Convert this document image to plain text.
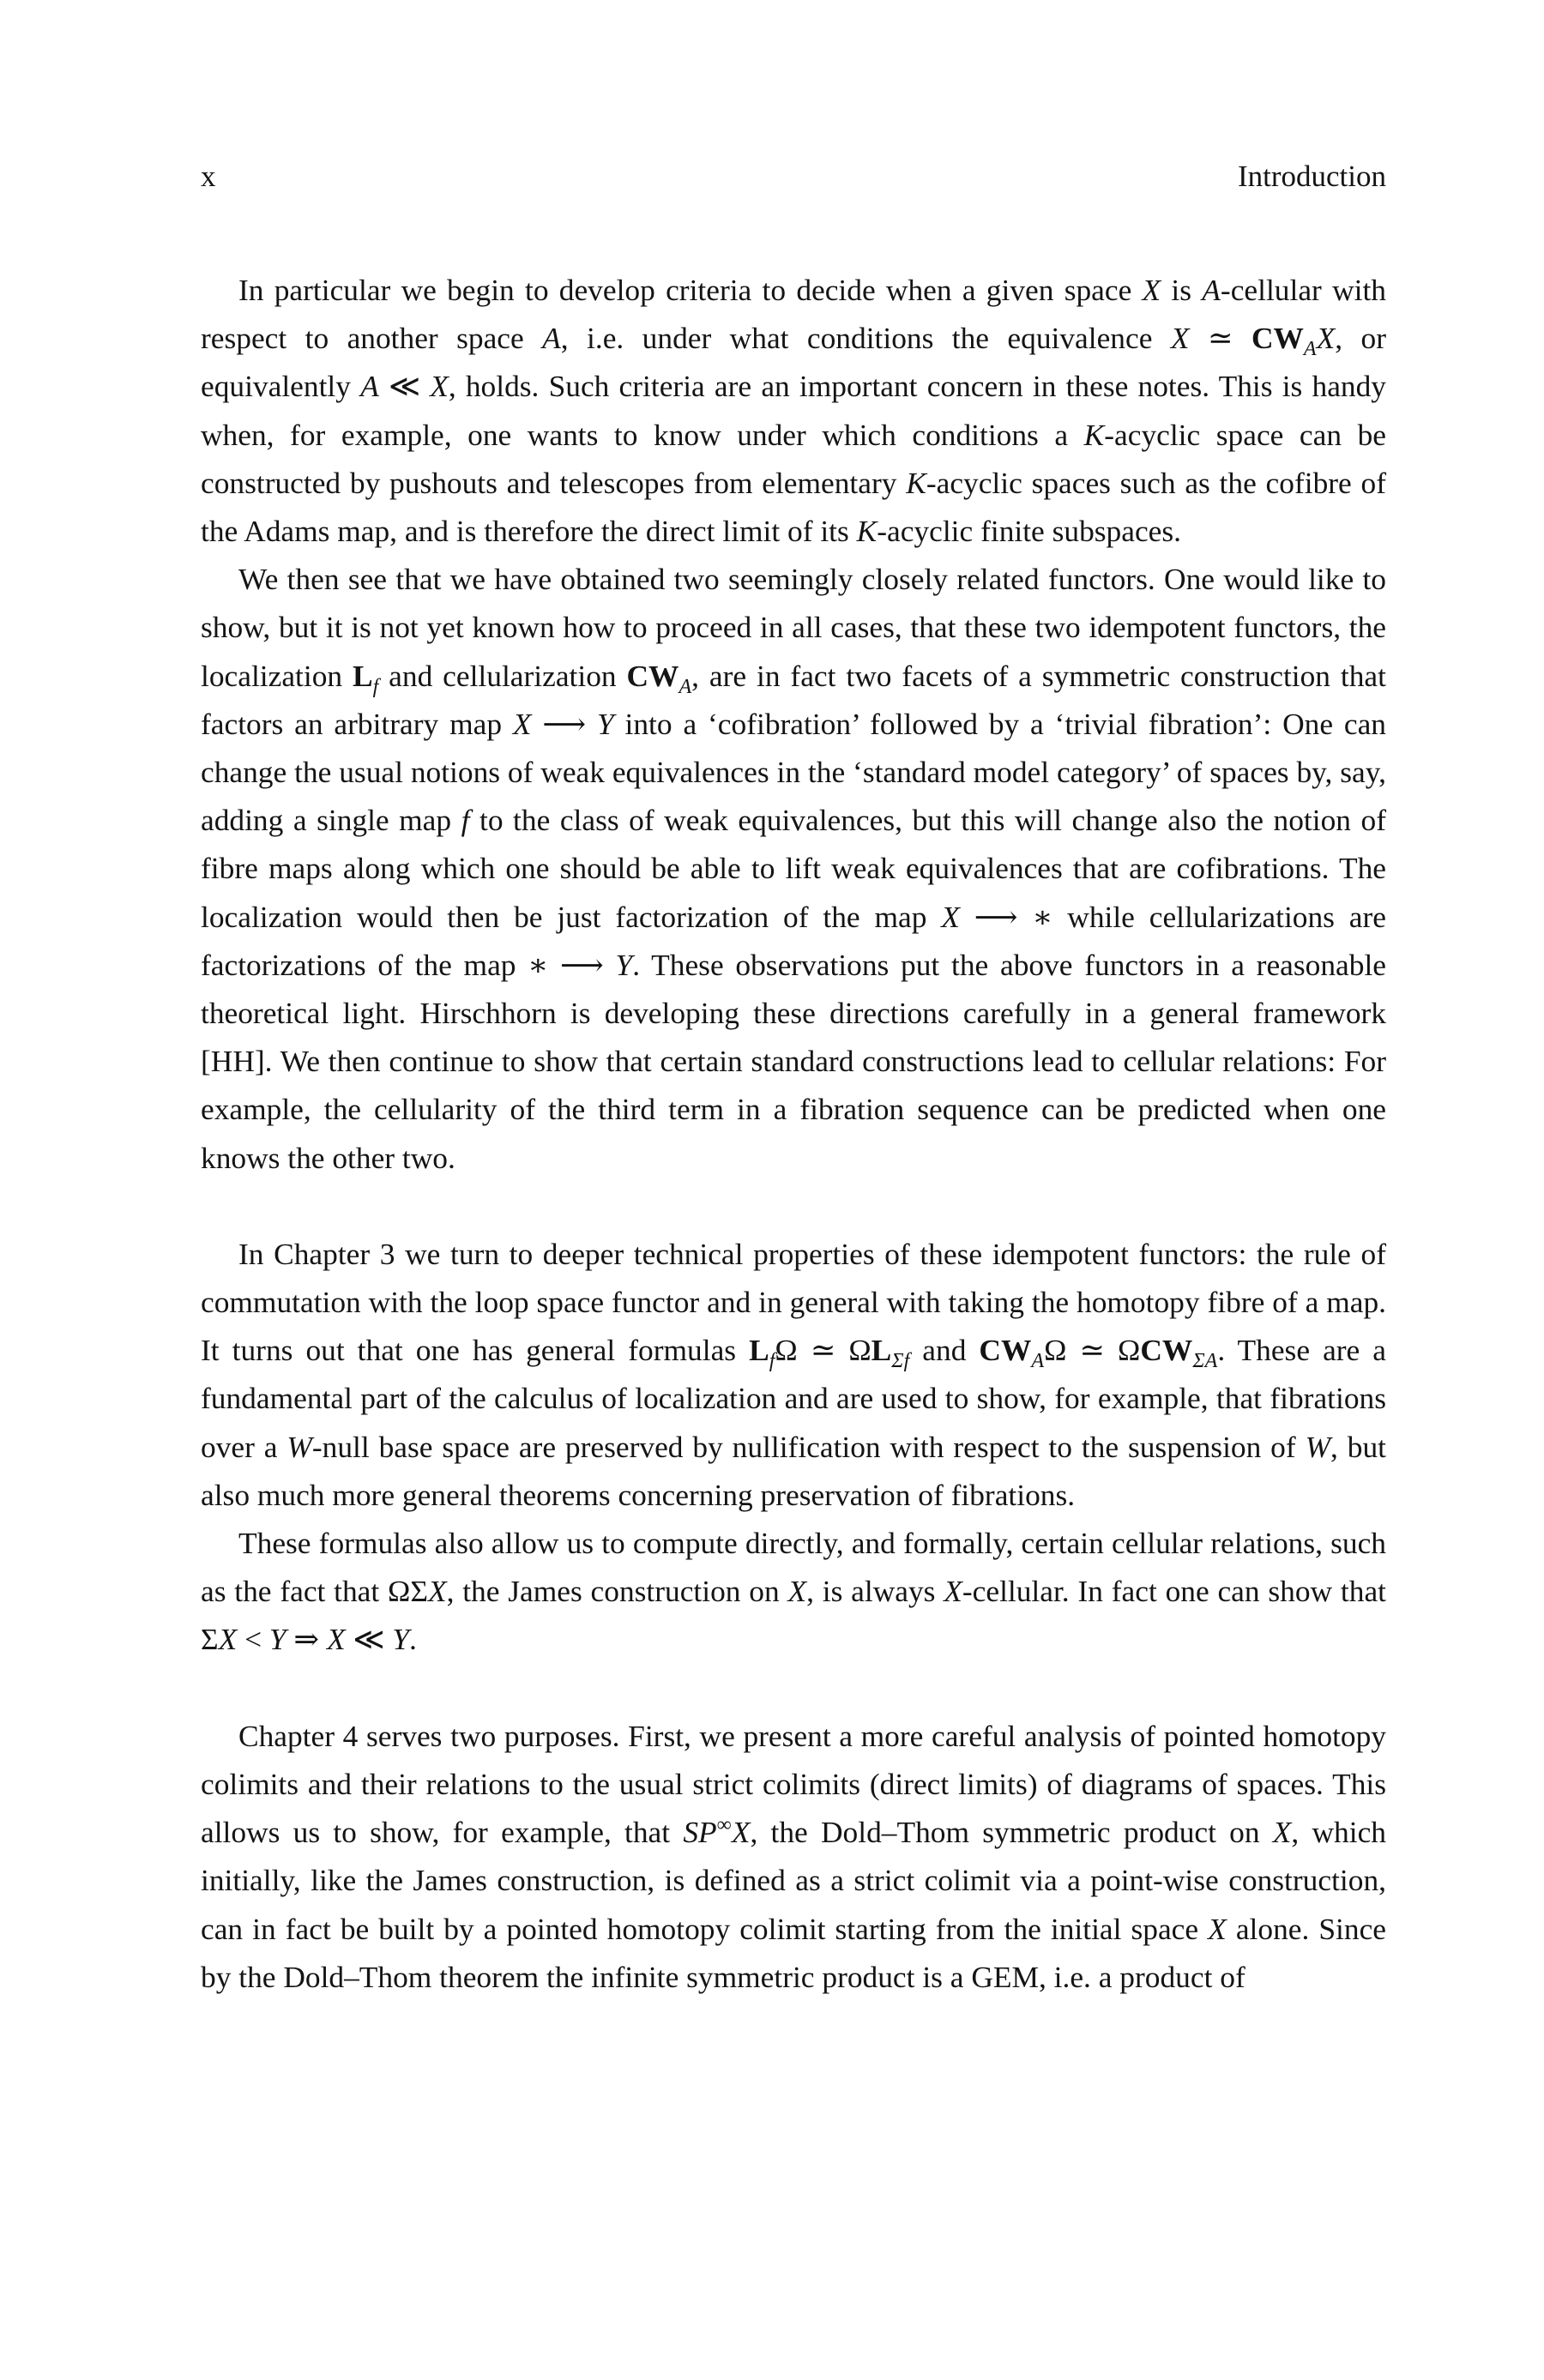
x	Introduction

In particular we begin to develop criteria to decide when a given space X is A-cellular with respect to another space A, i.e. under what conditions the equivalence X ≃ $CW_AX$, or equivalently A ≪ X, holds. Such criteria are an important concern in these notes. This is handy when, for example, one wants to know under which conditions a K-acyclic space can be constructed by pushouts and telescopes from elementary K-acyclic spaces such as the cofibre of the Adams map, and is therefore the direct limit of its K-acyclic finite subspaces.

We then see that we have obtained two seemingly closely related functors. One would like to show, but it is not yet known how to proceed in all cases, that these two idempotent functors, the localization $L_f$ and cellularization $CW_A$, are in fact two facets of a symmetric construction that factors an arbitrary map X ⟶ Y into a ‘cofibration’ followed by a ‘trivial fibration’: One can change the usual notions of weak equivalences in the ‘standard model category’ of spaces by, say, adding a single map f to the class of weak equivalences, but this will change also the notion of fibre maps along which one should be able to lift weak equivalences that are cofibrations. The localization would then be just factorization of the map X ⟶ ∗ while cellularizations are factorizations of the map ∗ ⟶ Y. These observations put the above functors in a reasonable theoretical light. Hirschhorn is developing these directions carefully in a general framework [HH]. We then continue to show that certain standard constructions lead to cellular relations: For example, the cellularity of the third term in a fibration sequence can be predicted when one knows the other two.

In Chapter 3 we turn to deeper technical properties of these idempotent functors: the rule of commutation with the loop space functor and in general with taking the homotopy fibre of a map. It turns out that one has general formulas $L_f\Omega$ ≃ $\Omega L_{\Sigma f}$ and $CW_A\Omega$ ≃ $\Omega CW_{\Sigma A}$. These are a fundamental part of the calculus of localization and are used to show, for example, that fibrations over a W-null base space are preserved by nullification with respect to the suspension of W, but also much more general theorems concerning preservation of fibrations.

These formulas also allow us to compute directly, and formally, certain cellular relations, such as the fact that ΩΣX, the James construction on X, is always X-cellular. In fact one can show that ΣX < Y ⇒ X ≪ Y.

Chapter 4 serves two purposes. First, we present a more careful analysis of pointed homotopy colimits and their relations to the usual strict colimits (direct limits) of diagrams of spaces. This allows us to show, for example, that SP∞X, the Dold–Thom symmetric product on X, which initially, like the James construction, is defined as a strict colimit via a point-wise construction, can in fact be built by a pointed homotopy colimit starting from the initial space X alone. Since by the Dold–Thom theorem the infinite symmetric product is a GEM, i.e. a product of
